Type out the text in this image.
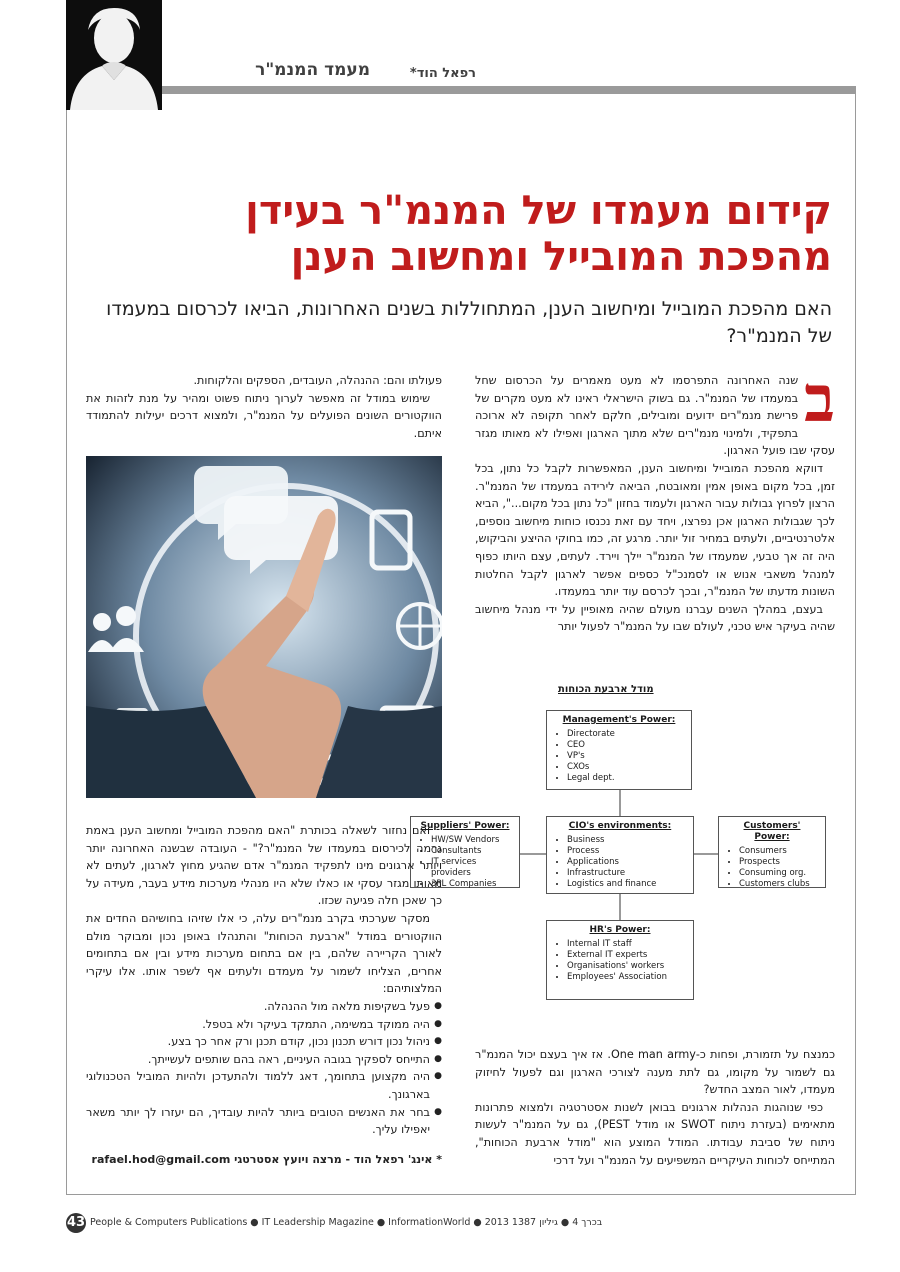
מעמד המנמ"ר	רפאל הוד*
קידום מעמדו של המנמ"ר בעידן
מהפכת המובייל ומחשוב הענן

האם מהפכת המובייל ומיחשוב הענן, המתחוללות בשנים האחרונות, הביאו לכרסום במעמדו של המנמ"ר?

ב

שנה האחרונה התפרסמו לא מעט מאמרים על הכרסום שחל במעמדו של המנמ"ר. גם בשוק הישראלי ראינו לא מעט מקרים של פרישת מנמ"רים ידועים ומובילים, חלקם לאחר תקופה לא ארוכה בתפקיד, ולמינוי מנמ"רים שלא מתוך הארגון ואפילו לא מאותו מגזר עסקי שבו פועל הארגון.

דווקא מהפכת המובייל ומיחשוב הענן, המאפשרות לקבל כל נתון, בכל זמן, בכל מקום באופן אמין ומאובטח, הביאה לירידה במעמדו של המנמ"ר. הרצון לפרוץ גבולות עבור הארגון ולעמוד בחזון "כל נתון בכל מקום...", הביא לכך שגבולות הארגון אכן נפרצו, ויחד עם זאת נכנסו כוחות מיחשוב נוספים, אלטרנטיביים, ולעתים במחיר זול יותר. מרגע זה, כמו בחוקי ההיצע והביקוש, היה זה אך טבעי, שמעמדו של המנמ"ר יילך ויירד. לעתים, עצם היותו כפוף למנהל משאבי אנוש או לסמנכ"ל כספים אפשר לארגון לקבל החלטות השונות מדעתו של המנמ"ר, ובכך לכרסם עוד יותר במעמדו.

בעצם, במהלך השנים עברנו מעולם שהיה מאופיין על ידי מנהל מיחשוב שהיה בעיקר איש טכני, לעולם שבו על המנמ"ר לפעול יותר

פעולתו והם: ההנהלה, העובדים, הספקים והלקוחות.

שימוש במודל זה מאפשר לערוך ניתוח פשוט ומהיר על מנת לזהות את הווקטורים השונים הפועלים על המנמ"ר, ולמצוא דרכים יעילות להתמודד איתם.

מודל ארבעת הכוחות
Management's Power:
• Directorate
• CEO
• VP's
• CXOs
• Legal dept.
Suppliers' Power:
• HW/SW Vendors
• Consultants
• IT services providers
• 3PL Companies
CIO's environments:
• Business
• Process
• Applications
• Infrastructure
• Logistics and finance
Customers' Power:
• Consumers
• Prospects
• Consuming org.
• Customers clubs
HR's Power:
• Internal IT staff
• External IT experts
• Organisations' workers
• Employees' Association

ואם נחזור לשאלה בכותרת "האם מהפכת המובייל ומחשוב הענן באמת גרמה לכירסום במעמדו של המנמ"ר?" - העובדה שבשנה האחרונה יותר ויותר ארגונים מינו לתפקיד המנמ"ר אדם שהגיע מחוץ לארגון, לעתים לא מאותו מגזר עסקי או כאלו שלא היו מנהלי מערכות מידע בעבר, מעידה על כך שאכן חלה פגיעה שכזו.

מסקר שערכתי בקרב מנמ"רים עלה, כי אלו שזיהו בחושיהם החדים את הווקטורים במודל "ארבעת הכוחות" והתנהלו באופן נכון ומבוקר מולם לאורך הקריירה שלהם, בין אם בתחום מערכות מידע ובין אם בתחומים אחרים, הצליחו לשמור על מעמדם ולעתים אף לשפר אותו. אלו עיקרי המלצותיהם:

● פעל בשקיפות מלאה מול ההנהלה.
● היה ממוקד במשימה, התמקד בעיקר ולא בטפל.
● ניהול נכון דורש תכנון נכון, קודם תכנן ורק אחר כך בצע.
● התייחס לספקיך בגובה העיניים, ראה בהם שותפים לעשייתך.
● היה מקצוען בתחומך, דאג ללמוד ולהתעדכן ולהיות המוביל הטכנולוגי בארגונך.
● בחר את האנשים הטובים ביותר להיות עובדיך, הם יעזרו לך יותר משאר יאפילו עליך.
* אינג' רפאל הוד - מרצה ויועץ אסטרטגי rafael.hod@gmail.com

כמנצח על תזמורת, ופחות כ-One man army. אז איך בעצם יכול המנמ"ר גם לשמור על מקומו, גם לתת מענה לצורכי הארגון וגם לפעול לחיזוק מעמדו, לאור המצב החדש?

כפי שנוהגות הנהלות ארגונים בבואן לשנות אסטרטגיה ולמצוא פתרונות מתאימים (בעזרת ניתוח SWOT או מודל PEST), גם על המנמ"ר לעשות ניתוח של סביבת עבודתו. המודל המוצע הוא "מודל ארבעת הכוחות", המתייחס לכוחות העיקריים המשפיעים על המנמ"ר ועל דרכי

43 People & Computers Publications ● IT Leadership Magazine ● InformationWorld ● 2013 בכרך 4 ● גיליון 1387
